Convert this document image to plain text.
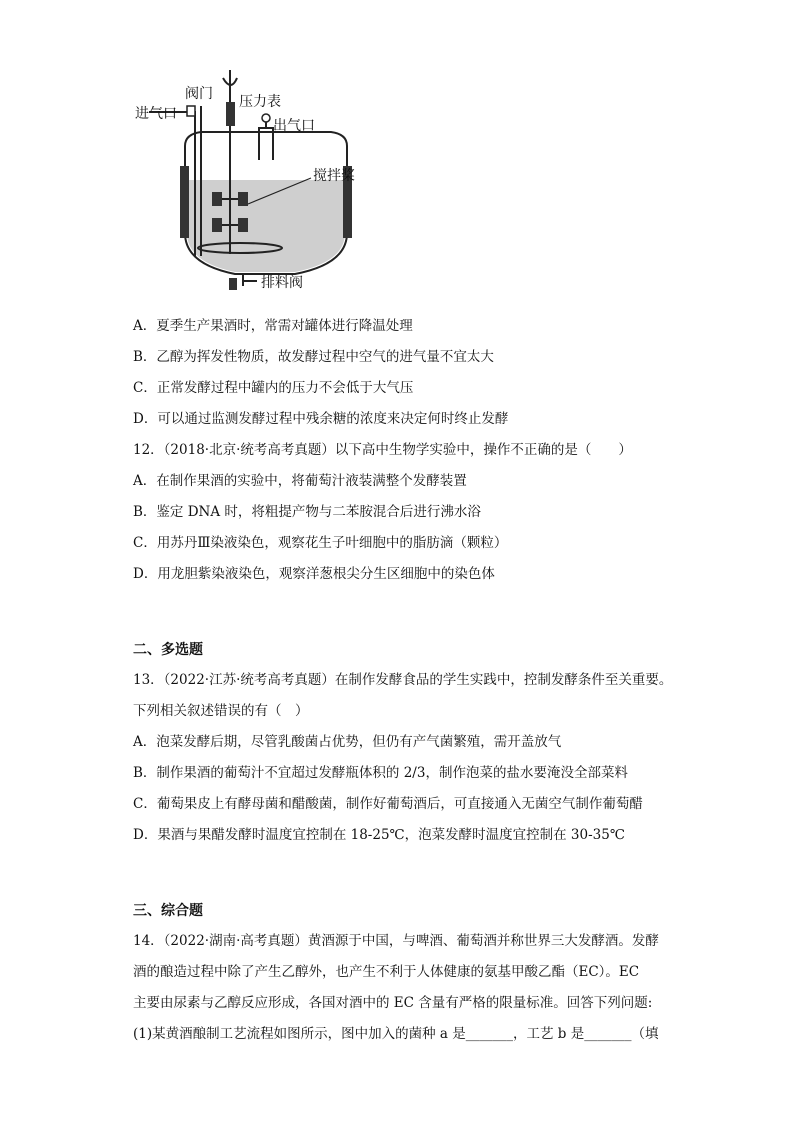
阀门 压力表
进气口
出气口
搅拌桨
排料阀
A．夏季生产果酒时，常需对罐体进行降温处理
B．乙醇为挥发性物质，故发酵过程中空气的进气量不宜太大
C．正常发酵过程中罐内的压力不会低于大气压
D．可以通过监测发酵过程中残余糖的浓度来决定何时终止发酵
12．（2018·北京·统考高考真题）以下高中生物学实验中，操作不正确的是（　　）
A．在制作果酒的实验中，将葡萄汁液装满整个发酵装置
B．鉴定 DNA 时，将粗提产物与二苯胺混合后进行沸水浴
C．用苏丹Ⅲ染液染色，观察花生子叶细胞中的脂肪滴（颗粒）
D．用龙胆紫染液染色，观察洋葱根尖分生区细胞中的染色体
二、多选题
13．（2022·江苏·统考高考真题）在制作发酵食品的学生实践中，控制发酵条件至关重要。
下列相关叙述错误的有（　）
A．泡菜发酵后期，尽管乳酸菌占优势，但仍有产气菌繁殖，需开盖放气
B．制作果酒的葡萄汁不宜超过发酵瓶体积的 2/3，制作泡菜的盐水要淹没全部菜料
C．葡萄果皮上有酵母菌和醋酸菌，制作好葡萄酒后，可直接通入无菌空气制作葡萄醋
D．果酒与果醋发酵时温度宜控制在 18-25℃，泡菜发酵时温度宜控制在 30-35℃
三、综合题
14．（2022·湖南·高考真题）黄酒源于中国，与啤酒、葡萄酒并称世界三大发酵酒。发酵
酒的酿造过程中除了产生乙醇外，也产生不利于人体健康的氨基甲酸乙酯（EC）。EC
主要由尿素与乙醇反应形成，各国对酒中的 EC 含量有严格的限量标准。回答下列问题:
(1)某黄酒酿制工艺流程如图所示，图中加入的菌种 a 是_______，工艺 b 是_______（填
